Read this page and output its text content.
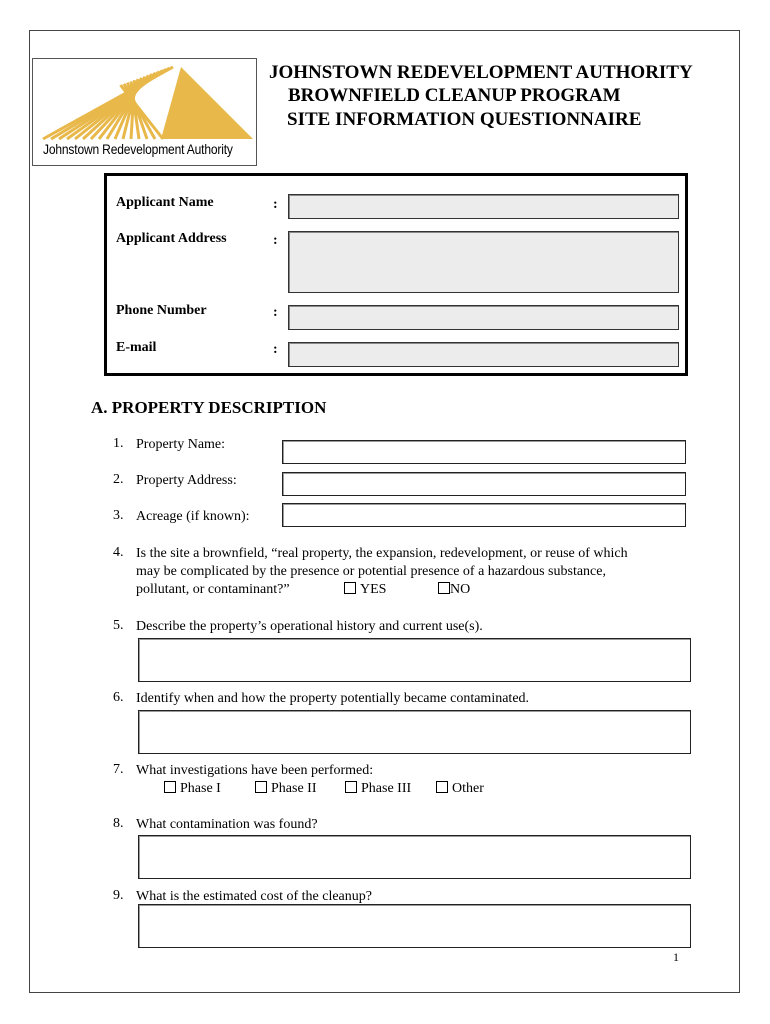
Johnstown Redevelopment Authority
JOHNSTOWN REDEVELOPMENT AUTHORITY
BROWNFIELD CLEANUP PROGRAM
SITE INFORMATION QUESTIONNAIRE
Applicant Name	:
Applicant Address	:
Phone Number	:
E-mail	:
A. PROPERTY DESCRIPTION
1. Property Name:
2. Property Address:
3. Acreage (if known):
4. Is the site a brownfield, “real property, the expansion, redevelopment, or reuse of which
may be complicated by the presence or potential presence of a hazardous substance,
pollutant, or contaminant?”	YES	NO
5. Describe the property’s operational history and current use(s).
6. Identify when and how the property potentially became contaminated.
7. What investigations have been performed:
Phase I	Phase II	Phase III	Other
8. What contamination was found?
9. What is the estimated cost of the cleanup?
1
